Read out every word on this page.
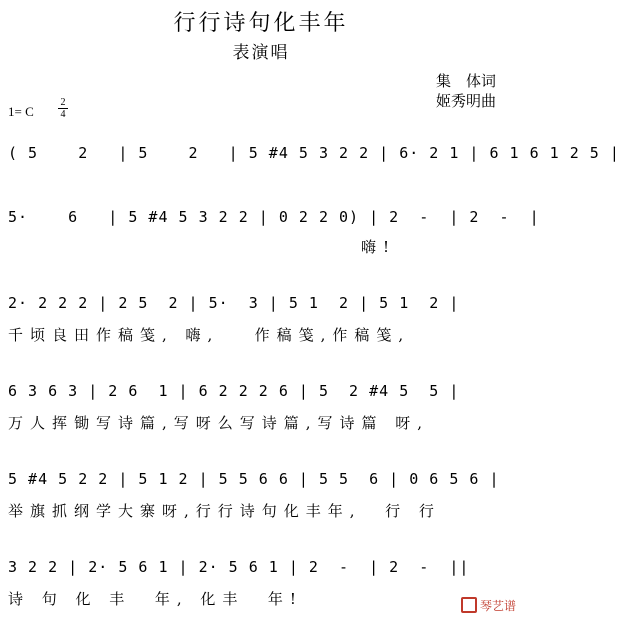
行行诗句化丰年
表演唱
集　体词
姬秀明曲
1= C
2
4
( 5    2   | 5    2   | 5 #4 5 3 2 2 | 6· 2 1 | 6 1 6 1 2 5 |
5·    6   | 5 #4 5 3 2 2 | 0 2 2 0) | 2  -  | 2  -  |
嗨!
2· 2 2 2 | 2 5  2 | 5·  3 | 5 1  2 | 5 1  2 |
千顷良田作稿笺, 嗨,   作稿笺,作稿笺,
6 3 6 3 | 2 6  1 | 6 2 2 2 6 | 5  2 #4 5  5 |
万人挥锄写诗篇,写呀么写诗篇,写诗篇 呀,
5 #4 5 2 2 | 5 1 2 | 5 5 6 6 | 5 5  6 | 0 6 5 6 |
举旗抓纲学大寨呀,行行诗句化丰年,  行 行
3 2 2 | 2· 5 6 1 | 2· 5 6 1 | 2  -  | 2  -  ||
诗 句 化 丰  年, 化丰  年!	琴艺谱
